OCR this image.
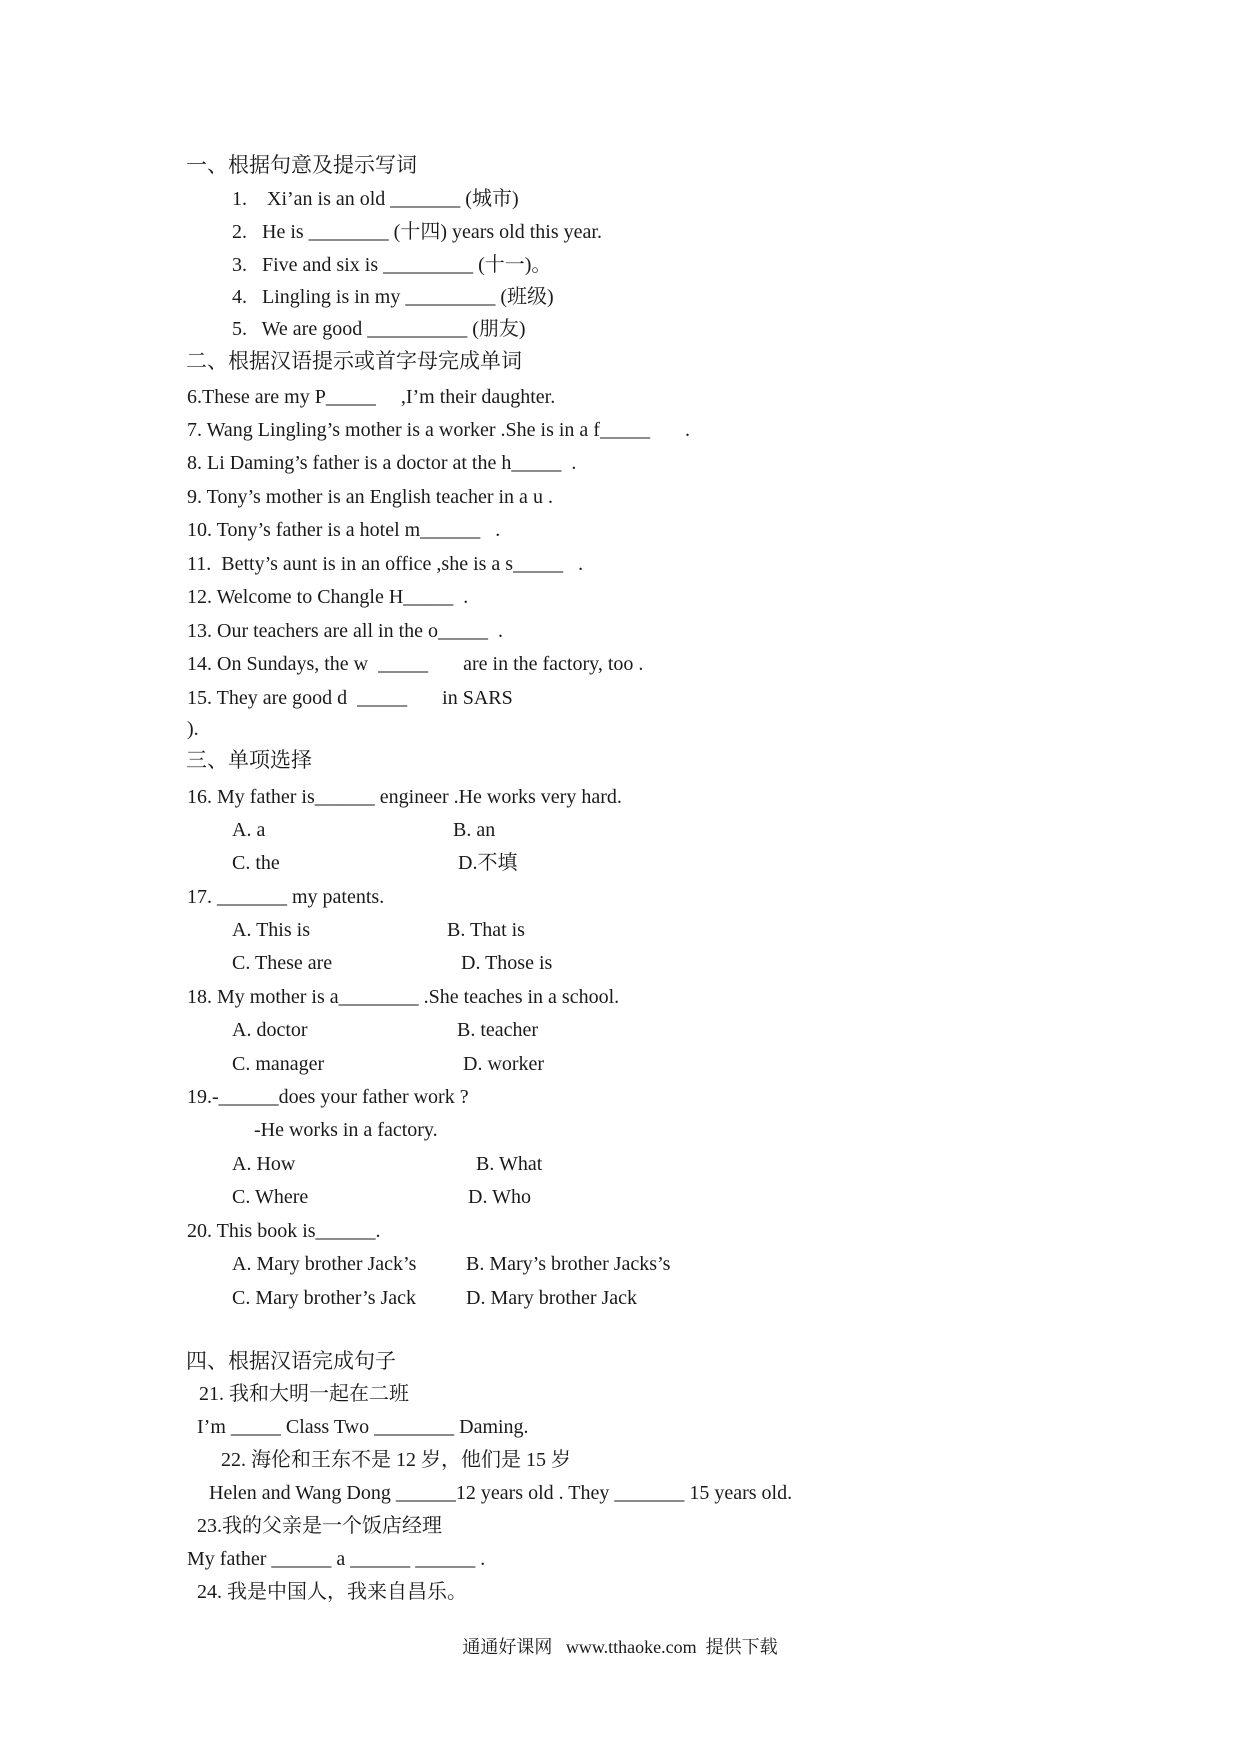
一、根据句意及提示写词
1.    Xi’an is an old _______ (城市)
2.   He is ________ (十四) years old this year.
3.   Five and six is _________ (十一)。
4.   Lingling is in my _________ (班级)
5.   We are good __________ (朋友)
二、根据汉语提示或首字母完成单词
6.These are my P_____     ,I’m their daughter.
7. Wang Lingling’s mother is a worker .She is in a f_____       .
8. Li Daming’s father is a doctor at the h_____  .
9. Tony’s mother is an English teacher in a u .
10. Tony’s father is a hotel m______   .
11.  Betty’s aunt is in an office ,she is a s_____   .
12. Welcome to Changle H_____  .
13. Our teachers are all in the o_____  .
14. On Sundays, the w  _____       are in the factory, too .
15. They are good d  _____       in SARS
).
三、单项选择
16. My father is______ engineer .He works very hard.
A. a	B. an
C. the	D.不填
17. _______ my patents.
A. This is	B. That is
C. These are	D. Those is
18. My mother is a________ .She teaches in a school.
A. doctor	B. teacher
C. manager	D. worker
19.-______does your father work ?
-He works in a factory.
A. How	B. What
C. Where	D. Who
20. This book is______.
A. Mary brother Jack’s B. Mary’s brother Jacks’s
C. Mary brother’s Jack D. Mary brother Jack
四、根据汉语完成句子
21. 我和大明一起在二班
I’m _____ Class Two ________ Daming.
22. 海伦和王东不是 12 岁，他们是 15 岁
Helen and Wang Dong ______12 years old . They _______ 15 years old.
23.我的父亲是一个饭店经理
My father ______ a ______ ______ .
24. 我是中国人，我来自昌乐。
通通好课网   www.tthaoke.com  提供下载
